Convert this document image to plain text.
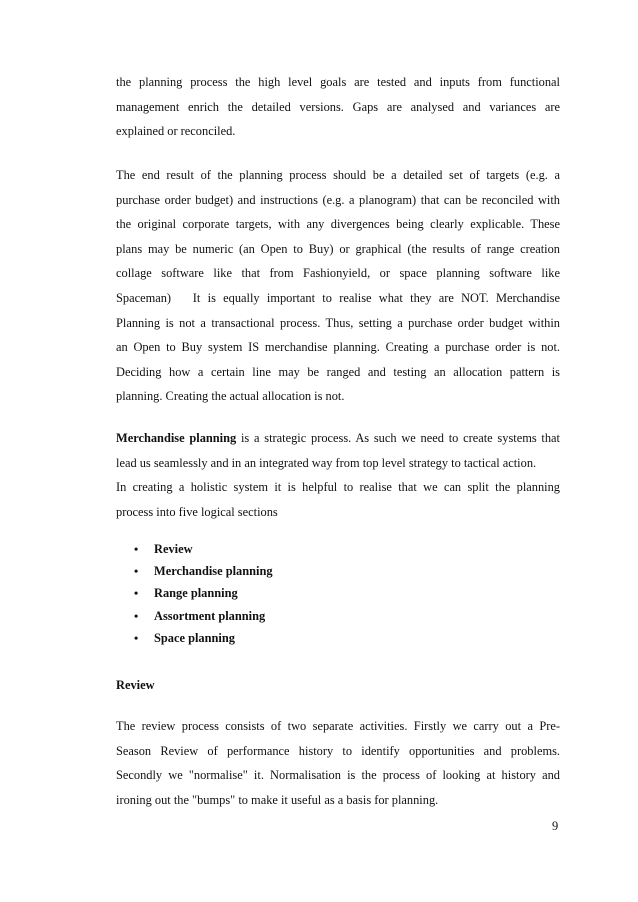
the planning process the high level goals are tested and inputs from functional
management enrich the detailed versions. Gaps are analysed and variances are
explained or reconciled.
The end result of the planning process should be a detailed set of targets (e.g. a
purchase order budget) and instructions (e.g. a planogram) that can be reconciled with
the original corporate targets, with any divergences being clearly explicable. These
plans may be numeric (an Open to Buy) or graphical (the results of range creation
collage software like that from Fashionyield, or space planning software like
Spaceman)   It is equally important to realise what they are NOT. Merchandise
Planning is not a transactional process. Thus, setting a purchase order budget within
an Open to Buy system IS merchandise planning. Creating a purchase order is not.
Deciding how a certain line may be ranged and testing an allocation pattern is
planning. Creating the actual allocation is not.
Merchandise planning is a strategic process. As such we need to create systems that
lead us seamlessly and in an integrated way from top level strategy to tactical action.
In creating a holistic system it is helpful to realise that we can split the planning
process into five logical sections
• Review
• Merchandise planning
• Range planning
• Assortment planning
• Space planning
Review
The review process consists of two separate activities. Firstly we carry out a Pre-
Season Review of performance history to identify opportunities and problems.
Secondly we "normalise" it. Normalisation is the process of looking at history and
ironing out the "bumps" to make it useful as a basis for planning.
9
